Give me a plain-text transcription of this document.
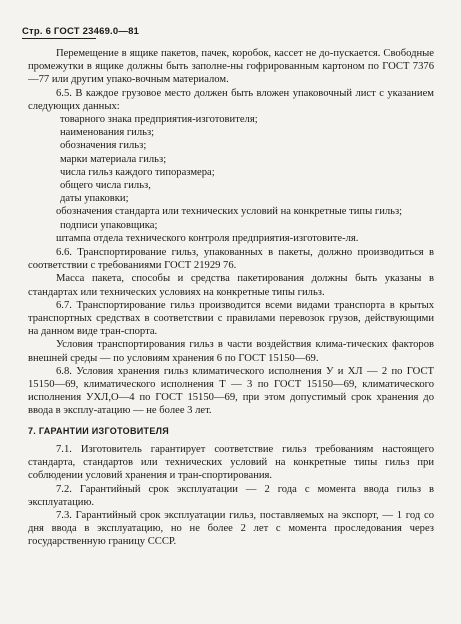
Стр. 6 ГОСТ 23469.0—81

Перемещение в ящике пакетов, пачек, коробок, кассет не до-пускается. Свободные промежутки в ящике должны быть заполне-ны гофрированным картоном по ГОСТ 7376—77 или другим упако-вочным материалом.

6.5. В каждое грузовое место должен быть вложен упаковочный лист с указанием следующих данных:

товарного знака предприятия-изготовителя;

наименования гильз;

обозначения гильз;

марки материала гильз;

числа гильз каждого типоразмера;

общего числа гильз,

даты упаковки;

обозначения стандарта или технических условий на конкретные типы гильз;

подписи упаковщика;

штампа отдела технического контроля предприятия-изготовите-ля.

6.6. Транспортирование гильз, упакованных в пакеты, должно производиться в соответствии с требованиями ГОСТ 21929 76.

Масса пакета, способы и средства пакетирования должны быть указаны в стандартах или технических условиях на конкретные типы гильз.

6.7. Транспортирование гильз производится всеми видами транспорта в крытых транспортных средствах в соответствии с правилами перевозок грузов, действующими на данном виде тран-спорта.

Условия транспортирования гильз в части воздействия клима-тических факторов внешней среды — по условиям хранения 6 по ГОСТ 15150—69.

6.8. Условия хранения гильз климатического исполнения У и ХЛ — 2 по ГОСТ 15150—69, климатического исполнения Т — 3 по ГОСТ 15150—69, климатического исполнения УХЛ,О—4 по ГОСТ 15150—69, при этом допустимый срок хранения до ввода в эксплу-атацию — не более 3 лет.

7. ГАРАНТИИ ИЗГОТОВИТЕЛЯ

7.1. Изготовитель гарантирует соответствие гильз требованиям настоящего стандарта, стандартов или технических условий на конкретные типы гильз при соблюдении условий хранения и тран-спортирования.

7.2. Гарантийный срок эксплуатации — 2 года с момента ввода гильз в эксплуатацию.

7.3. Гарантийный срок эксплуатации гильз, поставляемых на экспорт, — 1 год со дня ввода в эксплуатацию, но не более 2 лет с момента проследования через государственную границу СССР.
